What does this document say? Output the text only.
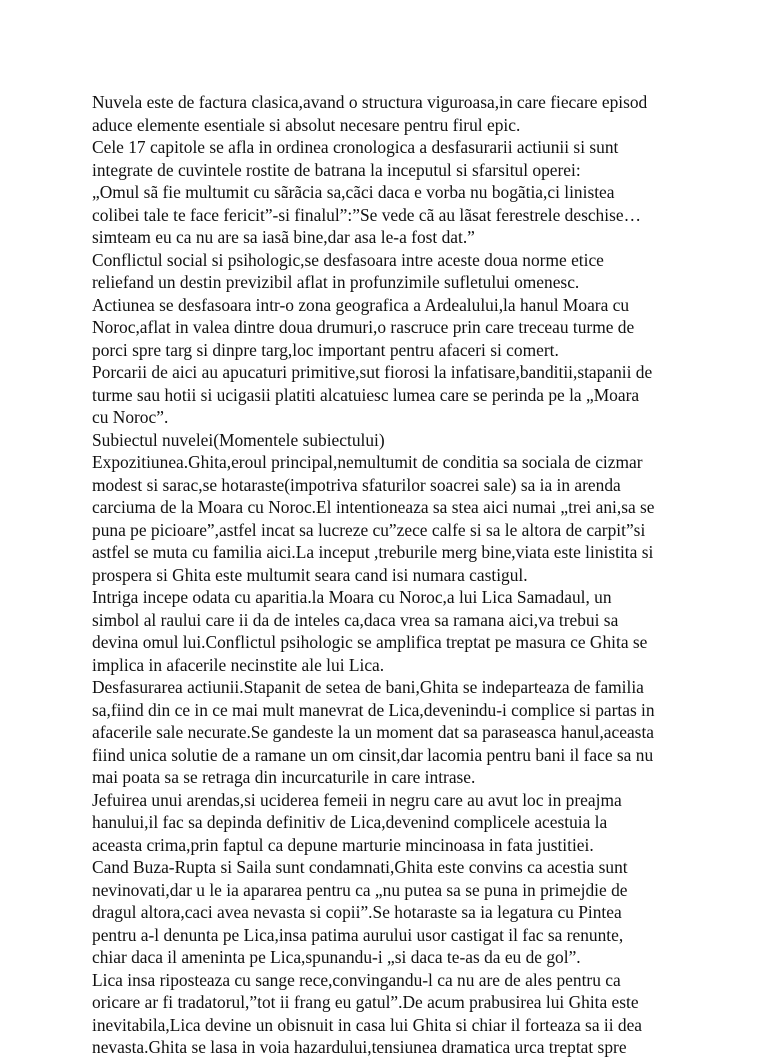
Nuvela este de factura clasica,avand o structura viguroasa,in care fiecare episod
aduce elemente esentiale si absolut necesare pentru firul epic.
Cele 17 capitole se afla in ordinea cronologica a desfasurarii actiunii si sunt
integrate de cuvintele rostite de batrana la inceputul si sfarsitul operei:
„Omul sã fie multumit cu sãrãcia sa,cãci daca e vorba nu bogãtia,ci linistea
colibei tale te face fericit”-si finalul”:”Se vede cã au lãsat ferestrele deschise…
simteam eu ca nu are sa iasã bine,dar asa le-a fost dat.”
Conflictul social si psihologic,se desfasoara intre aceste doua norme etice
reliefand un destin previzibil aflat in profunzimile sufletului omenesc.
Actiunea se desfasoara intr-o zona geografica a Ardealului,la hanul Moara cu
Noroc,aflat in valea dintre doua drumuri,o rascruce prin care treceau turme de
porci spre targ si dinpre targ,loc important pentru afaceri si comert.
Porcarii de aici au apucaturi primitive,sut fiorosi la infatisare,banditii,stapanii de
turme sau hotii si ucigasii platiti alcatuiesc lumea care se perinda pe la „Moara
cu Noroc”.
Subiectul nuvelei(Momentele subiectului)
Expozitiunea.Ghita,eroul principal,nemultumit de conditia sa sociala de cizmar
modest si sarac,se hotaraste(impotriva sfaturilor soacrei sale) sa ia in arenda
carciuma de la Moara cu Noroc.El intentioneaza sa stea aici numai „trei ani,sa se
puna pe picioare”,astfel incat sa lucreze cu”zece calfe si sa le altora de carpit”si
astfel se muta cu familia aici.La inceput ,treburile merg bine,viata este linistita si
prospera si Ghita este multumit seara cand isi numara castigul.
Intriga incepe odata cu aparitia.la Moara cu Noroc,a lui Lica Samadaul, un
simbol al raului care ii da de inteles ca,daca vrea sa ramana aici,va trebui sa
devina omul lui.Conflictul psihologic se amplifica treptat pe masura ce Ghita se
implica in afacerile necinstite ale lui Lica.
Desfasurarea actiunii.Stapanit de setea de bani,Ghita se indeparteaza de familia
sa,fiind din ce in ce mai mult manevrat de Lica,devenindu-i complice si partas in
afacerile sale necurate.Se gandeste la un moment dat sa paraseasca hanul,aceasta
fiind unica solutie de a ramane un om cinsit,dar lacomia pentru bani il face sa nu
mai poata sa se retraga din incurcaturile in care intrase.
Jefuirea unui arendas,si uciderea femeii in negru care au avut loc in preajma
hanului,il fac sa depinda definitiv de Lica,devenind complicele acestuia la
aceasta crima,prin faptul ca depune marturie mincinoasa in fata justitiei.
Cand Buza-Rupta si Saila sunt condamnati,Ghita este convins ca acestia sunt
nevinovati,dar u le ia apararea pentru ca „nu putea sa se puna in primejdie de
dragul altora,caci avea nevasta si copii”.Se hotaraste sa ia legatura cu Pintea
pentru a-l denunta pe Lica,insa patima aurului usor castigat il fac sa renunte,
chiar daca il ameninta pe Lica,spunandu-i „si daca te-as da eu de gol”.
Lica insa riposteaza cu sange rece,convingandu-l ca nu are de ales pentru ca
oricare ar fi tradatorul,”tot ii frang eu gatul”.De acum prabusirea lui Ghita este
inevitabila,Lica devine un obisnuit in casa lui Ghita si chiar il forteaza sa ii dea
nevasta.Ghita se lasa in voia hazardului,tensiunea dramatica urca treptat spre
